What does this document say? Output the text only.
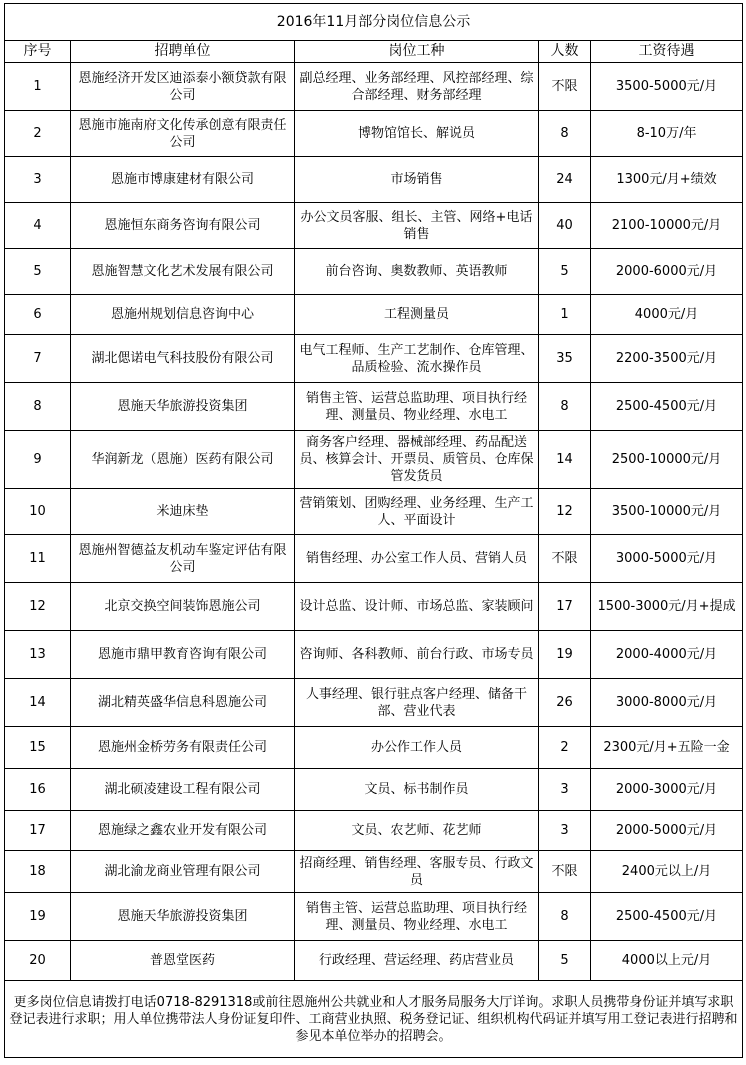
2016年11月部分岗位信息公示				
序号	招聘单位	岗位工种	人数	工资待遇
1	恩施经济开发区迪添泰小额贷款有限公司	副总经理、业务部经理、风控部经理、综合部经理、财务部经理	不限	3500-5000元/月
2	恩施市施南府文化传承创意有限责任公司	博物馆馆长、解说员	8	8-10万/年
3	恩施市博康建材有限公司	市场销售	24	1300元/月+绩效
4	恩施恒东商务咨询有限公司	办公文员客服、组长、主管、网络+电话销售	40	2100-10000元/月
5	恩施智慧文化艺术发展有限公司	前台咨询、奥数教师、英语教师	5	2000-6000元/月
6	恩施州规划信息咨询中心	工程测量员	1	4000元/月
7	湖北偲诺电气科技股份有限公司	电气工程师、生产工艺制作、仓库管理、品质检验、流水操作员	35	2200-3500元/月
8	恩施天华旅游投资集团	销售主管、运营总监助理、项目执行经理、测量员、物业经理、水电工	8	2500-4500元/月
9	华润新龙（恩施）医药有限公司	商务客户经理、器械部经理、药品配送员、核算会计、开票员、质管员、仓库保管发货员	14	2500-10000元/月
10	米迪床垫	营销策划、团购经理、业务经理、生产工人、平面设计	12	3500-10000元/月
11	恩施州智德益友机动车鉴定评估有限公司	销售经理、办公室工作人员、营销人员	不限	3000-5000元/月
12	北京交换空间装饰恩施公司	设计总监、设计师、市场总监、家装顾问	17	1500-3000元/月+提成
13	恩施市鼎甲教育咨询有限公司	咨询师、各科教师、前台行政、市场专员	19	2000-4000元/月
14	湖北精英盛华信息科恩施公司	人事经理、银行驻点客户经理、储备干部、营业代表	26	3000-8000元/月
15	恩施州金桥劳务有限责任公司	办公作工作人员	2	2300元/月+五险一金
16	湖北硕凌建设工程有限公司	文员、标书制作员	3	2000-3000元/月
17	恩施绿之鑫农业开发有限公司	文员、农艺师、花艺师	3	2000-5000元/月
18	湖北渝龙商业管理有限公司	招商经理、销售经理、客服专员、行政文员	不限	2400元以上/月
19	恩施天华旅游投资集团	销售主管、运营总监助理、项目执行经理、测量员、物业经理、水电工	8	2500-4500元/月
20	普恩堂医药	行政经理、营运经理、药店营业员	5	4000以上元/月
更多岗位信息请拨打电话0718-8291318或前往恩施州公共就业和人才服务局服务大厅详询。求职人员携带身份证并填写求职登记表进行求职；用人单位携带法人身份证复印件、工商营业执照、税务登记证、组织机构代码证并填写用工登记表进行招聘和参见本单位举办的招聘会。				
